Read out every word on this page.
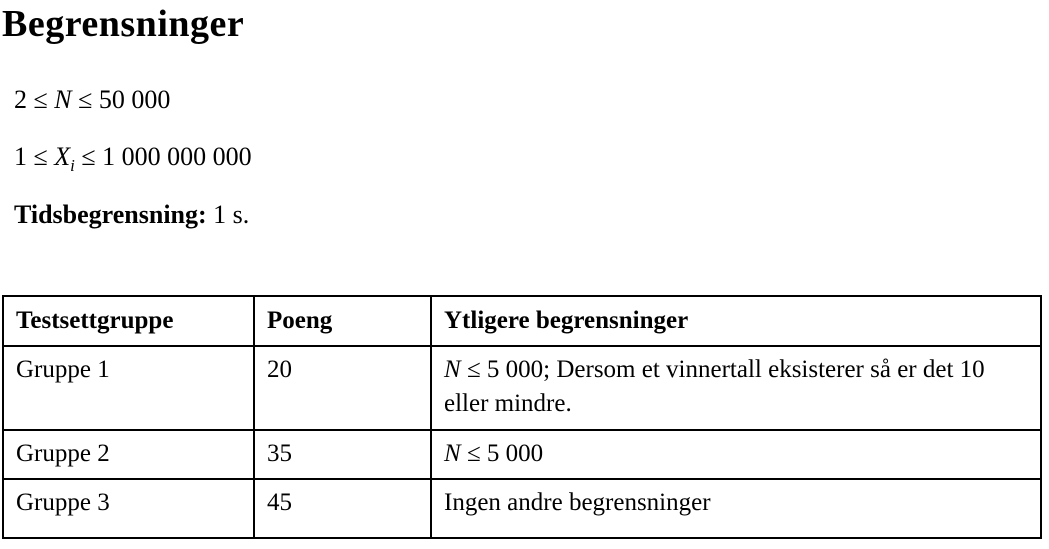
Begrensninger

2 ≤ N ≤ 50 000

$1 \le X_i \le 1$ 000 000 000

Tidsbegrensning: 1 s.

Testsettgruppe	Poeng	Ytligere begrensninger
Gruppe 1	20	N ≤ 5 000; Dersom et vinnertall eksisterer så er det 10 eller mindre.
Gruppe 2	35	N ≤ 5 000
Gruppe 3	45	Ingen andre begrensninger
